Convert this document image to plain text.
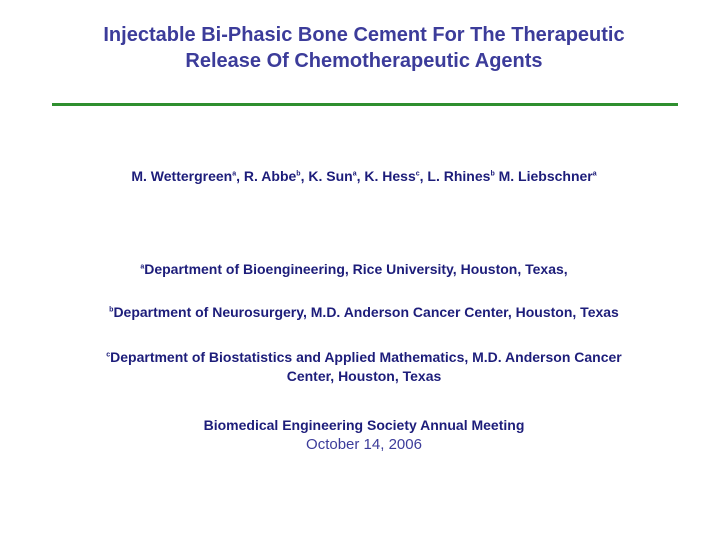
Injectable Bi-Phasic Bone Cement For The Therapeutic
Release Of Chemotherapeutic Agents
M. Wettergreen$^a$, R. Abbe$^b$, K. Sun$^a$, K. Hess$^c$, L. Rhines$^b$ M. Liebschner$^a$
$^a$Department of Bioengineering, Rice University, Houston, Texas,
$^b$Department of Neurosurgery, M.D. Anderson Cancer Center, Houston, Texas
$^c$Department of Biostatistics and Applied Mathematics, M.D. Anderson Cancer
Center, Houston, Texas
Biomedical Engineering Society Annual Meeting
October 14, 2006
